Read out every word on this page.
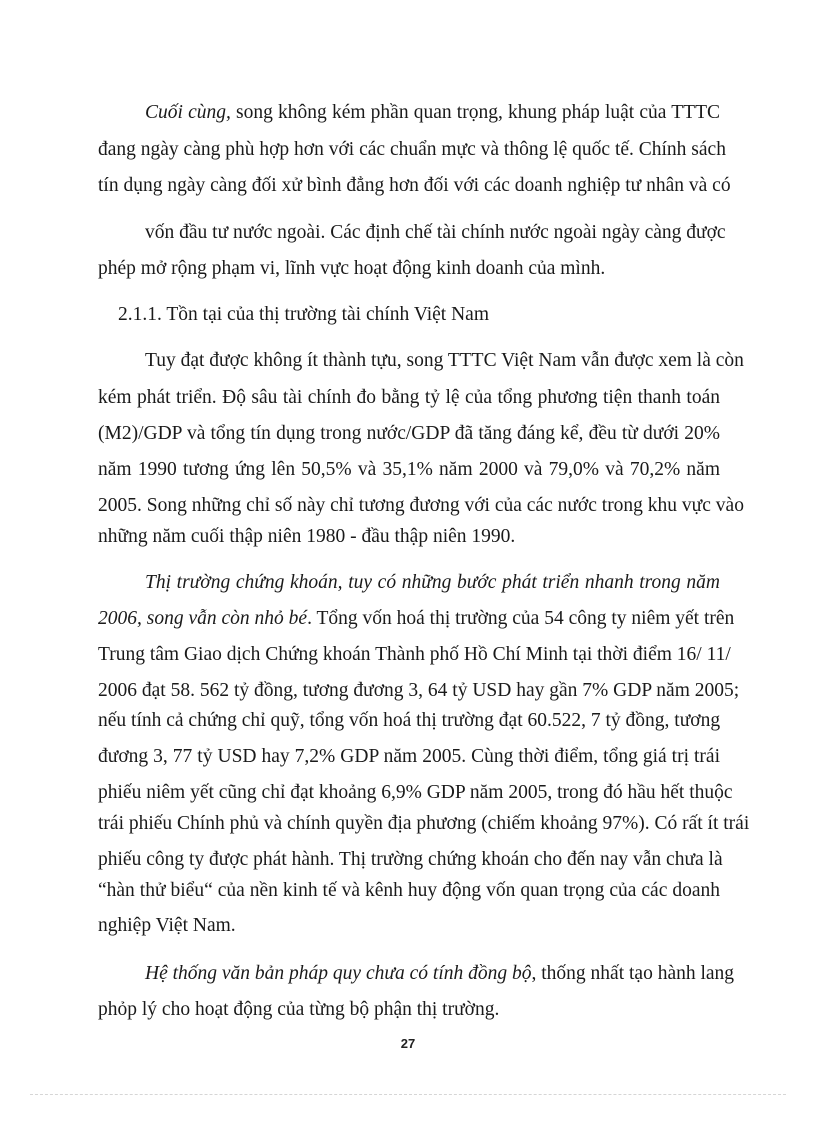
Cuối cùng, song không kém phần quan trọng, khung pháp luật của TTTC
đang ngày càng phù hợp hơn với các chuẩn mực và thông lệ quốc tế. Chính sách
tín dụng ngày càng đối xử bình đẳng hơn đối với các doanh nghiệp tư nhân và có
vốn đầu tư nước ngoài. Các định chế tài chính nước ngoài ngày càng được
phép mở rộng phạm vi, lĩnh vực hoạt động kinh doanh của mình.
2.1.1. Tồn tại của thị trường tài chính Việt Nam
Tuy đạt được không ít thành tựu, song TTTC Việt Nam vẫn được xem là còn
kém phát triển. Độ sâu tài chính đo bằng tỷ lệ của tổng phương tiện thanh toán
(M2)/GDP và tổng tín dụng trong nước/GDP đã tăng đáng kể, đều từ dưới 20%
năm 1990 tương ứng lên 50,5% và 35,1% năm 2000 và 79,0% và 70,2% năm
2005. Song những chỉ số này chỉ tương đương với của các nước trong khu vực vào
những năm cuối thập niên 1980 - đầu thập niên 1990.
Thị trường chứng khoán, tuy có những bước phát triển nhanh trong năm
2006, song vẫn còn nhỏ bé. Tổng vốn hoá thị trường của 54 công ty niêm yết trên
Trung tâm Giao dịch Chứng khoán Thành phố Hồ Chí Minh tại thời điểm 16/ 11/
2006 đạt 58. 562 tỷ đồng, tương đương 3, 64 tỷ USD hay gần 7% GDP năm 2005;
nếu tính cả chứng chỉ quỹ, tổng vốn hoá thị trường đạt 60.522, 7 tỷ đồng, tương
đương 3, 77 tỷ USD hay 7,2% GDP năm 2005. Cùng thời điểm, tổng giá trị trái
phiếu niêm yết cũng chỉ đạt khoảng 6,9% GDP năm 2005, trong đó hầu hết thuộc
trái phiếu Chính phủ và chính quyền địa phương (chiếm khoảng 97%). Có rất ít trái
phiếu công ty được phát hành. Thị trường chứng khoán cho đến nay vẫn chưa là
“hàn thử biểu“ của nền kinh tế và kênh huy động vốn quan trọng của các doanh
nghiệp Việt Nam.
Hệ thống văn bản pháp quy chưa có tính đồng bộ, thống nhất tạo hành lang
phỏp lý cho hoạt động của từng bộ phận thị trường.
27
